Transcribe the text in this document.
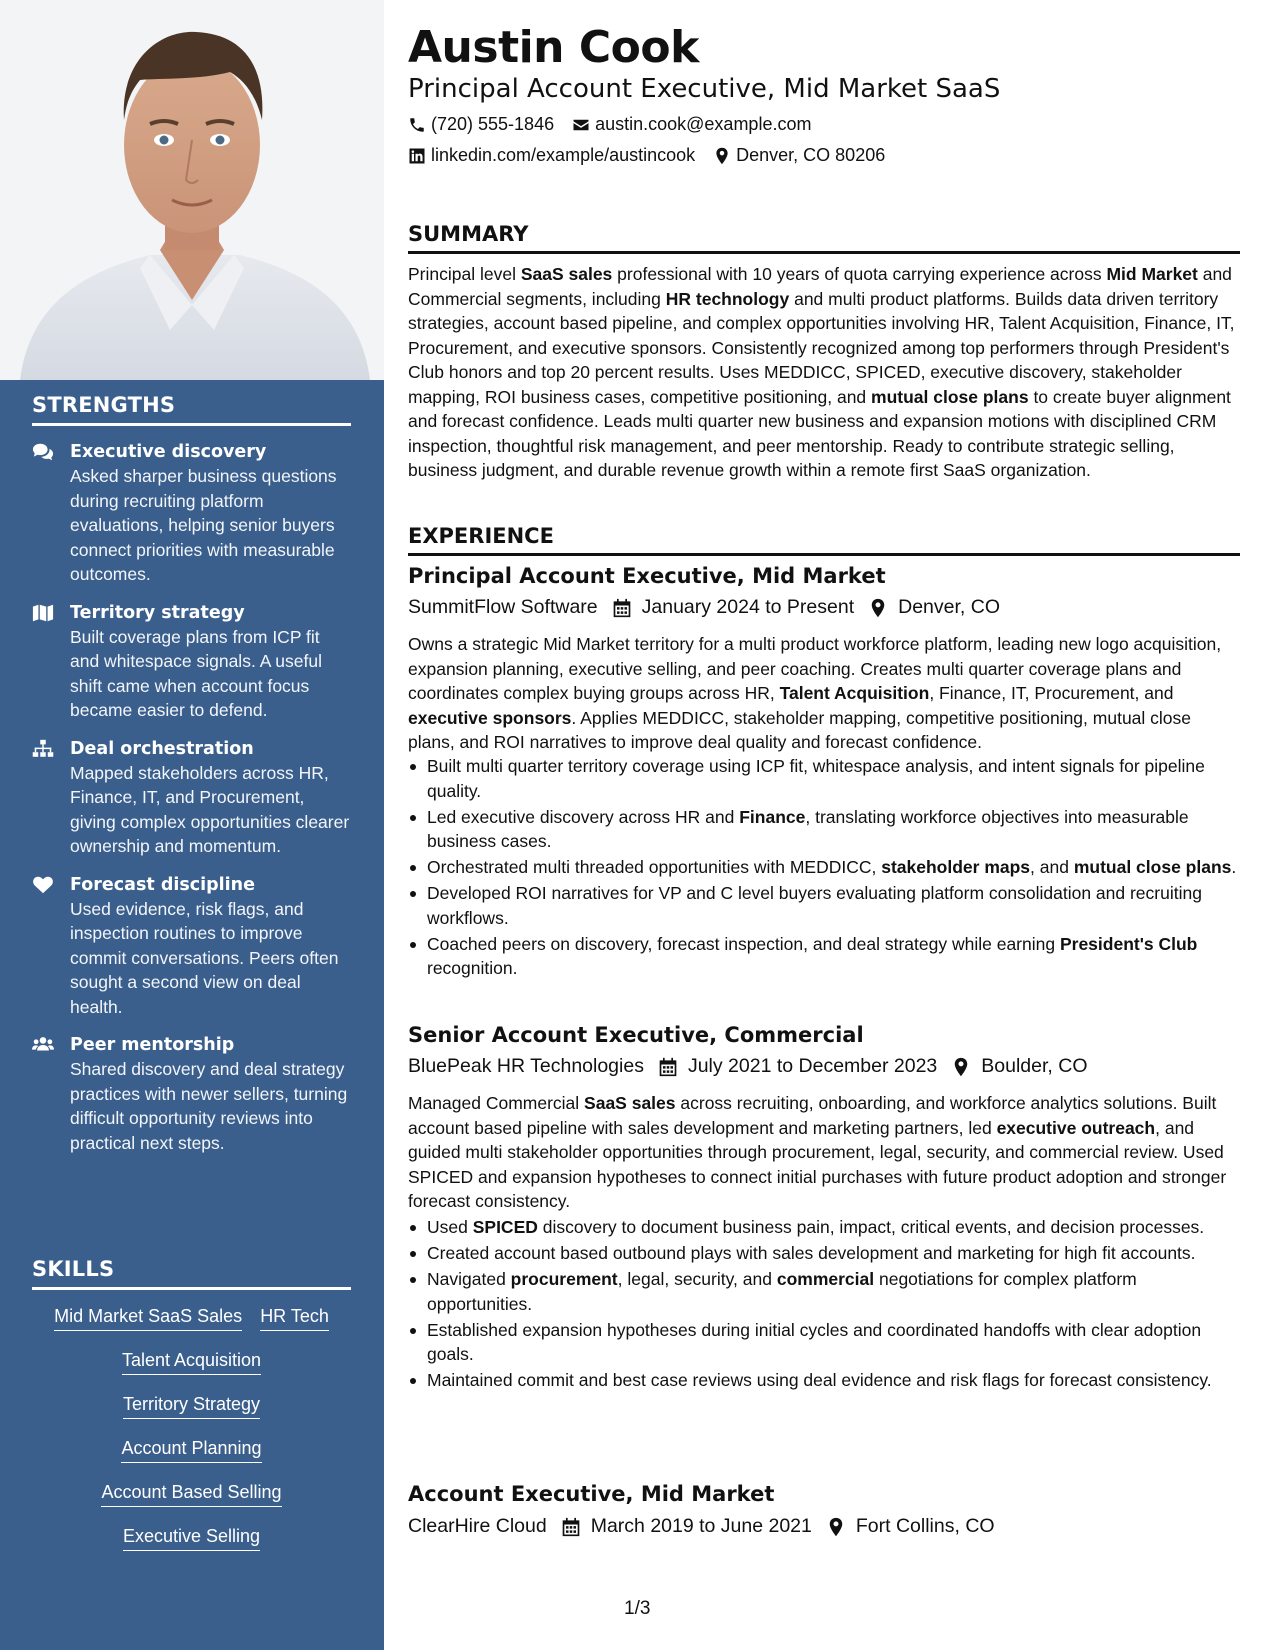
STRENGTHS
Executive discovery
Asked sharper business questions during recruiting platform evaluations, helping senior buyers connect priorities with measurable outcomes.
Territory strategy
Built coverage plans from ICP fit and whitespace signals. A useful shift came when account focus became easier to defend.
Deal orchestration
Mapped stakeholders across HR, Finance, IT, and Procurement, giving complex opportunities clearer ownership and momentum.
Forecast discipline
Used evidence, risk flags, and inspection routines to improve commit conversations. Peers often sought a second view on deal health.
Peer mentorship
Shared discovery and deal strategy practices with newer sellers, turning difficult opportunity reviews into practical next steps.
SKILLS
Mid Market SaaS Sales HR Tech
Talent Acquisition
Territory Strategy
Account Planning
Account Based Selling
Executive Selling
Austin Cook
Principal Account Executive, Mid Market SaaS
(720) 555-1846 austin.cook@example.com
linkedin.com/example/austincook Denver, CO 80206
SUMMARY
Principal level SaaS sales professional with 10 years of quota carrying experience across Mid Market and Commercial segments, including HR technology and multi product platforms. Builds data driven territory strategies, account based pipeline, and complex opportunities involving HR, Talent Acquisition, Finance, IT, Procurement, and executive sponsors. Consistently recognized among top performers through President's Club honors and top 20 percent results. Uses MEDDICC, SPICED, executive discovery, stakeholder mapping, ROI business cases, competitive positioning, and mutual close plans to create buyer alignment and forecast confidence. Leads multi quarter new business and expansion motions with disciplined CRM inspection, thoughtful risk management, and peer mentorship. Ready to contribute strategic selling, business judgment, and durable revenue growth within a remote first SaaS organization.
EXPERIENCE
Principal Account Executive, Mid Market
SummitFlow Software January 2024 to Present Denver, CO
Owns a strategic Mid Market territory for a multi product workforce platform, leading new logo acquisition, expansion planning, executive selling, and peer coaching. Creates multi quarter coverage plans and coordinates complex buying groups across HR, Talent Acquisition, Finance, IT, Procurement, and executive sponsors. Applies MEDDICC, stakeholder mapping, competitive positioning, mutual close plans, and ROI narratives to improve deal quality and forecast confidence.
Built multi quarter territory coverage using ICP fit, whitespace analysis, and intent signals for pipeline quality.
Led executive discovery across HR and Finance, translating workforce objectives into measurable business cases.
Orchestrated multi threaded opportunities with MEDDICC, stakeholder maps, and mutual close plans.
Developed ROI narratives for VP and C level buyers evaluating platform consolidation and recruiting workflows.
Coached peers on discovery, forecast inspection, and deal strategy while earning President's Club recognition.
Senior Account Executive, Commercial
BluePeak HR Technologies July 2021 to December 2023 Boulder, CO
Managed Commercial SaaS sales across recruiting, onboarding, and workforce analytics solutions. Built account based pipeline with sales development and marketing partners, led executive outreach, and guided multi stakeholder opportunities through procurement, legal, security, and commercial review. Used SPICED and expansion hypotheses to connect initial purchases with future product adoption and stronger forecast consistency.
Used SPICED discovery to document business pain, impact, critical events, and decision processes.
Created account based outbound plays with sales development and marketing for high fit accounts.
Navigated procurement, legal, security, and commercial negotiations for complex platform opportunities.
Established expansion hypotheses during initial cycles and coordinated handoffs with clear adoption goals.
Maintained commit and best case reviews using deal evidence and risk flags for forecast consistency.
Account Executive, Mid Market
ClearHire Cloud March 2019 to June 2021 Fort Collins, CO
1/3
